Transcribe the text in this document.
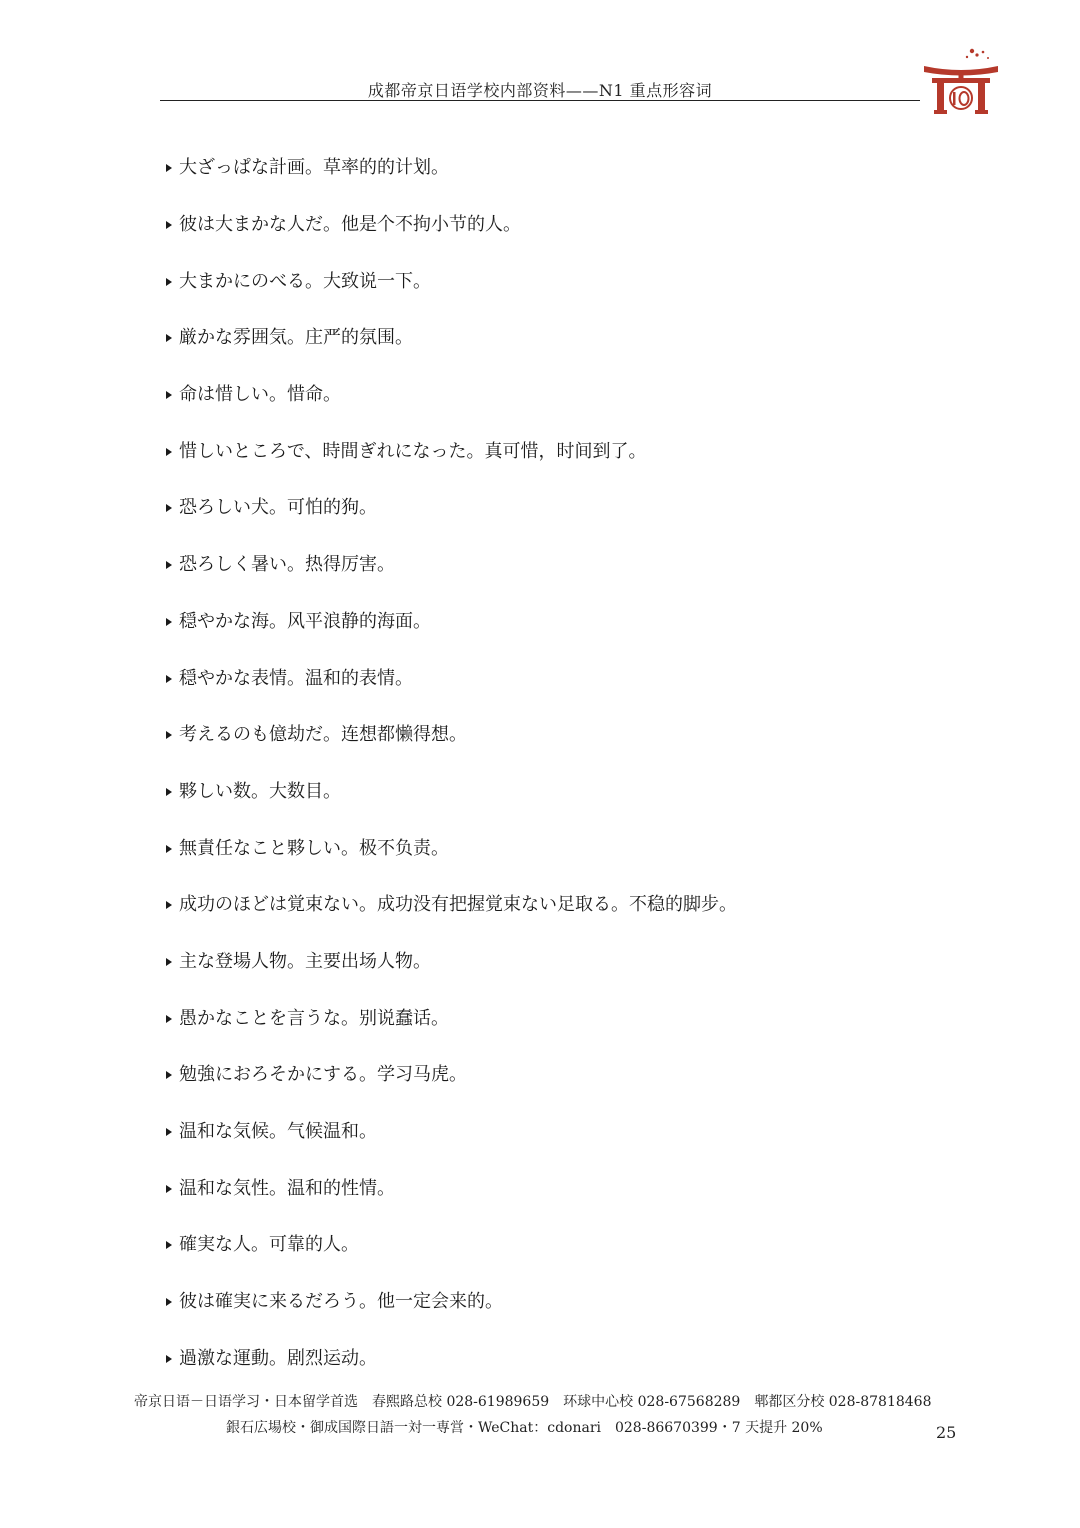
成都帝京日语学校内部资料——N1 重点形容词
大ざっぱな計画。草率的的计划。
彼は大まかな人だ。他是个不拘小节的人。
大まかにのべる。大致说一下。
厳かな雰囲気。庄严的氛围。
命は惜しい。惜命。
惜しいところで、時間ぎれになった。真可惜，时间到了。
恐ろしい犬。可怕的狗。
恐ろしく暑い。热得厉害。
穏やかな海。风平浪静的海面。
穏やかな表情。温和的表情。
考えるのも億劫だ。连想都懒得想。
夥しい数。大数目。
無責任なこと夥しい。极不负责。
成功のほどは覚束ない。成功没有把握覚束ない足取る。不稳的脚步。
主な登場人物。主要出场人物。
愚かなことを言うな。别说蠢话。
勉強におろそかにする。学习马虎。
温和な気候。气候温和。
温和な気性。温和的性情。
確実な人。可靠的人。
彼は確実に来るだろう。他一定会来的。
過激な運動。剧烈运动。
帝京日语－日语学习・日本留学首选　春熙路总校 028-61989659　环球中心校 028-67568289　郫都区分校 028-87818468
銀石広場校・御成国際日語一対一専営・WeChat：cdonari　028-86670399・7 天提升 20%	25
